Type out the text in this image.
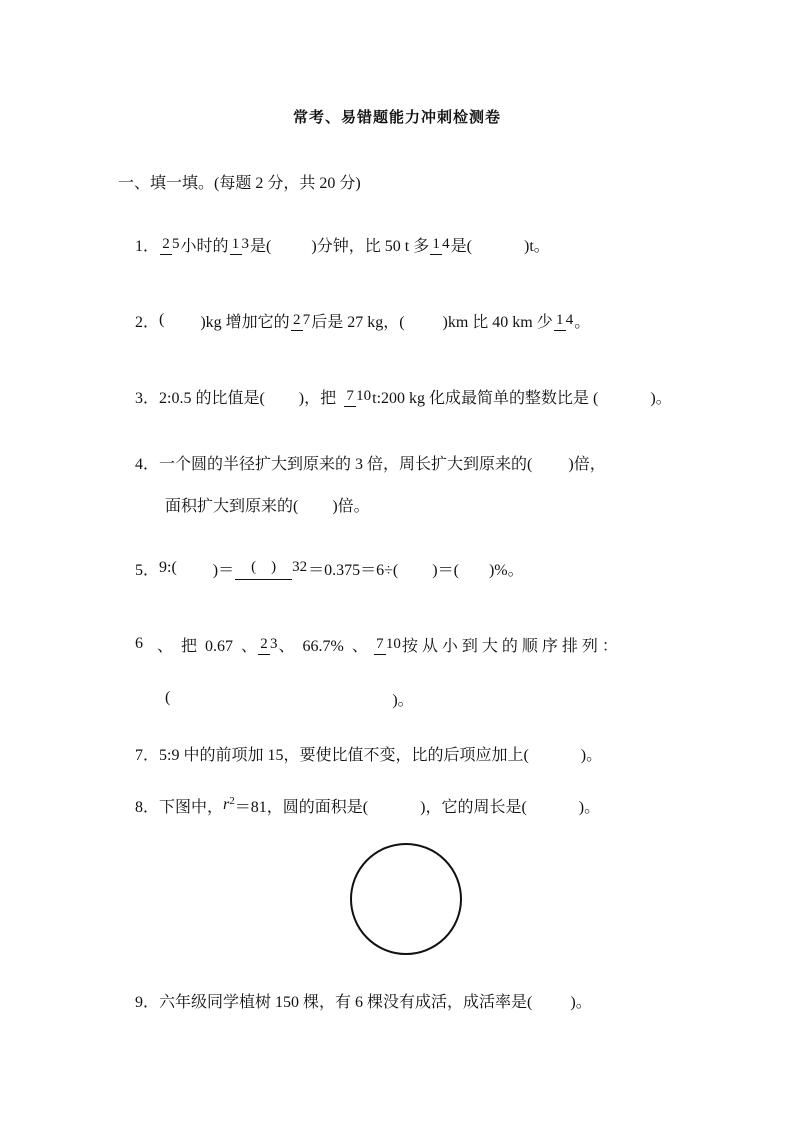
常考、易错题能力冲刺检测卷
一、填一填。(每题 2 分，共 20 分)
1． 2 5 小时的 1 3 是(	)分钟，比 50 t 多 1 4 是(	)t。
2． ( )kg 增加它的 2 7 后是 27 kg，( )km 比 40 km 少 1 4 。
3． 2:0.5 的比值是( )，把 7 10 t:200 kg 化成最简单的整数比是 (	)。
4． 一个圆的半径扩大到原来的 3 倍，周长扩大到原来的( )倍，
面积扩大到原来的( )倍。
5． 9:( )＝	(　) 32 ＝0.375＝6÷( )＝( )%。
6 、 把 0.67 、 2 3 、 66.7% 、 7 10 按 从 小 到 大 的 顺 序 排 列 ：
(	)。
7． 5:9 中的前项加 15，要使比值不变，比的后项应加上(	)。
8． 下图中， $r^2 =81$，圆的面积是(	)，它的周长是(	)。
9． 六年级同学植树 150 棵，有 6 棵没有成活，成活率是( )。
